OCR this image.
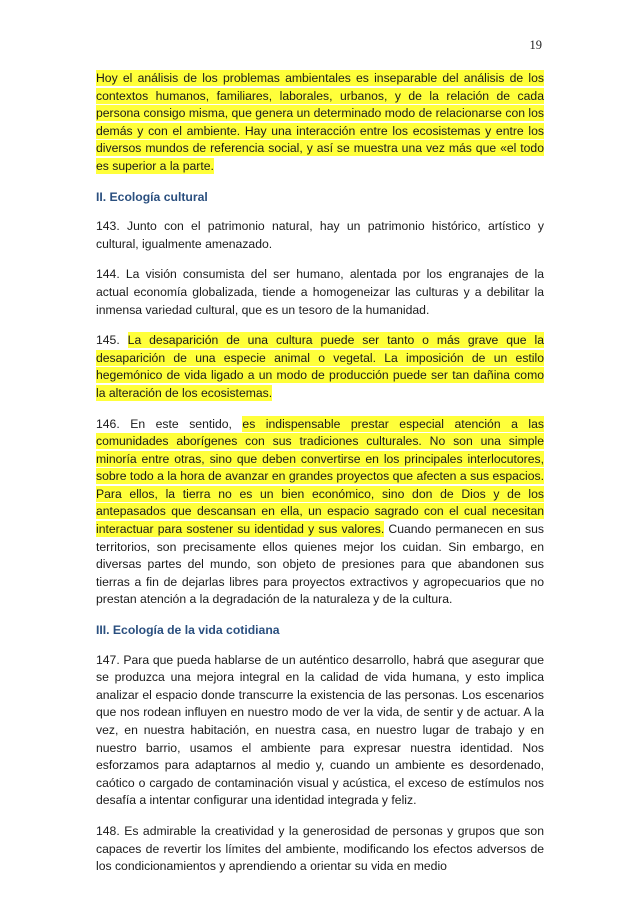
19

Hoy el análisis de los problemas ambientales es inseparable del análisis de los contextos humanos, familiares, laborales, urbanos, y de la relación de cada persona consigo misma, que genera un determinado modo de relacionarse con los demás y con el ambiente. Hay una interacción entre los ecosistemas y entre los diversos mundos de referencia social, y así se muestra una vez más que «el todo es superior a la parte.

II. Ecología cultural

143. Junto con el patrimonio natural, hay un patrimonio histórico, artístico y cultural, igualmente amenazado.

144. La visión consumista del ser humano, alentada por los engranajes de la actual economía globalizada, tiende a homogeneizar las culturas y a debilitar la inmensa variedad cultural, que es un tesoro de la humanidad.

145. La desaparición de una cultura puede ser tanto o más grave que la desaparición de una especie animal o vegetal. La imposición de un estilo hegemónico de vida ligado a un modo de producción puede ser tan dañina como la alteración de los ecosistemas.

146. En este sentido, es indispensable prestar especial atención a las comunidades aborígenes con sus tradiciones culturales. No son una simple minoría entre otras, sino que deben convertirse en los principales interlocutores, sobre todo a la hora de avanzar en grandes proyectos que afecten a sus espacios. Para ellos, la tierra no es un bien económico, sino don de Dios y de los antepasados que descansan en ella, un espacio sagrado con el cual necesitan interactuar para sostener su identidad y sus valores. Cuando permanecen en sus territorios, son precisamente ellos quienes mejor los cuidan. Sin embargo, en diversas partes del mundo, son objeto de presiones para que abandonen sus tierras a fin de dejarlas libres para proyectos extractivos y agropecuarios que no prestan atención a la degradación de la naturaleza y de la cultura.

III. Ecología de la vida cotidiana

147. Para que pueda hablarse de un auténtico desarrollo, habrá que asegurar que se produzca una mejora integral en la calidad de vida humana, y esto implica analizar el espacio donde transcurre la existencia de las personas. Los escenarios que nos rodean influyen en nuestro modo de ver la vida, de sentir y de actuar. A la vez, en nuestra habitación, en nuestra casa, en nuestro lugar de trabajo y en nuestro barrio, usamos el ambiente para expresar nuestra identidad. Nos esforzamos para adaptarnos al medio y, cuando un ambiente es desordenado, caótico o cargado de contaminación visual y acústica, el exceso de estímulos nos desafía a intentar configurar una identidad integrada y feliz.

148. Es admirable la creatividad y la generosidad de personas y grupos que son capaces de revertir los límites del ambiente, modificando los efectos adversos de los condicionamientos y aprendiendo a orientar su vida en medio
